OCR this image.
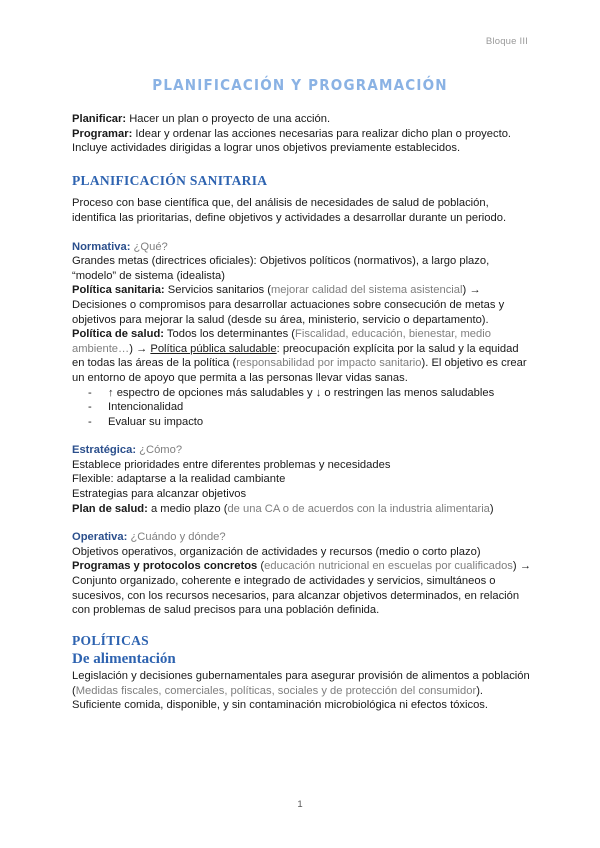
Bloque III
PLANIFICACIÓN Y PROGRAMACIÓN

Planificar: Hacer un plan o proyecto de una acción.

Programar: Idear y ordenar las acciones necesarias para realizar dicho plan o proyecto. Incluye actividades dirigidas a lograr unos objetivos previamente establecidos.

PLANIFICACIÓN SANITARIA

Proceso con base científica que, del análisis de necesidades de salud de población, identifica las prioritarias, define objetivos y actividades a desarrollar durante un periodo.

Normativa: ¿Qué?

Grandes metas (directrices oficiales): Objetivos políticos (normativos), a largo plazo, “modelo” de sistema (idealista)

Política sanitaria: Servicios sanitarios (mejorar calidad del sistema asistencial) → Decisiones o compromisos para desarrollar actuaciones sobre consecución de metas y objetivos para mejorar la salud (desde su área, ministerio, servicio o departamento).

Política de salud: Todos los determinantes (Fiscalidad, educación, bienestar, medio ambiente…) → Política pública saludable: preocupación explícita por la salud y la equidad en todas las áreas de la política (responsabilidad por impacto sanitario). El objetivo es crear un entorno de apoyo que permita a las personas llevar vidas sanas.

- ↑ espectro de opciones más saludables y ↓ o restringen las menos saludables
- Intencionalidad
- Evaluar su impacto

Estratégica: ¿Cómo?

Establece prioridades entre diferentes problemas y necesidades

Flexible: adaptarse a la realidad cambiante

Estrategias para alcanzar objetivos

Plan de salud: a medio plazo (de una CA o de acuerdos con la industria alimentaria)

Operativa: ¿Cuándo y dónde?

Objetivos operativos, organización de actividades y recursos (medio o corto plazo)

Programas y protocolos concretos (educación nutricional en escuelas por cualificados) → Conjunto organizado, coherente e integrado de actividades y servicios, simultáneos o sucesivos, con los recursos necesarios, para alcanzar objetivos determinados, en relación con problemas de salud precisos para una población definida.

POLÍTICAS
De alimentación

Legislación y decisiones gubernamentales para asegurar provisión de alimentos a población (Medidas fiscales, comerciales, políticas, sociales y de protección del consumidor).

Suficiente comida, disponible, y sin contaminación microbiológica ni efectos tóxicos.

1
